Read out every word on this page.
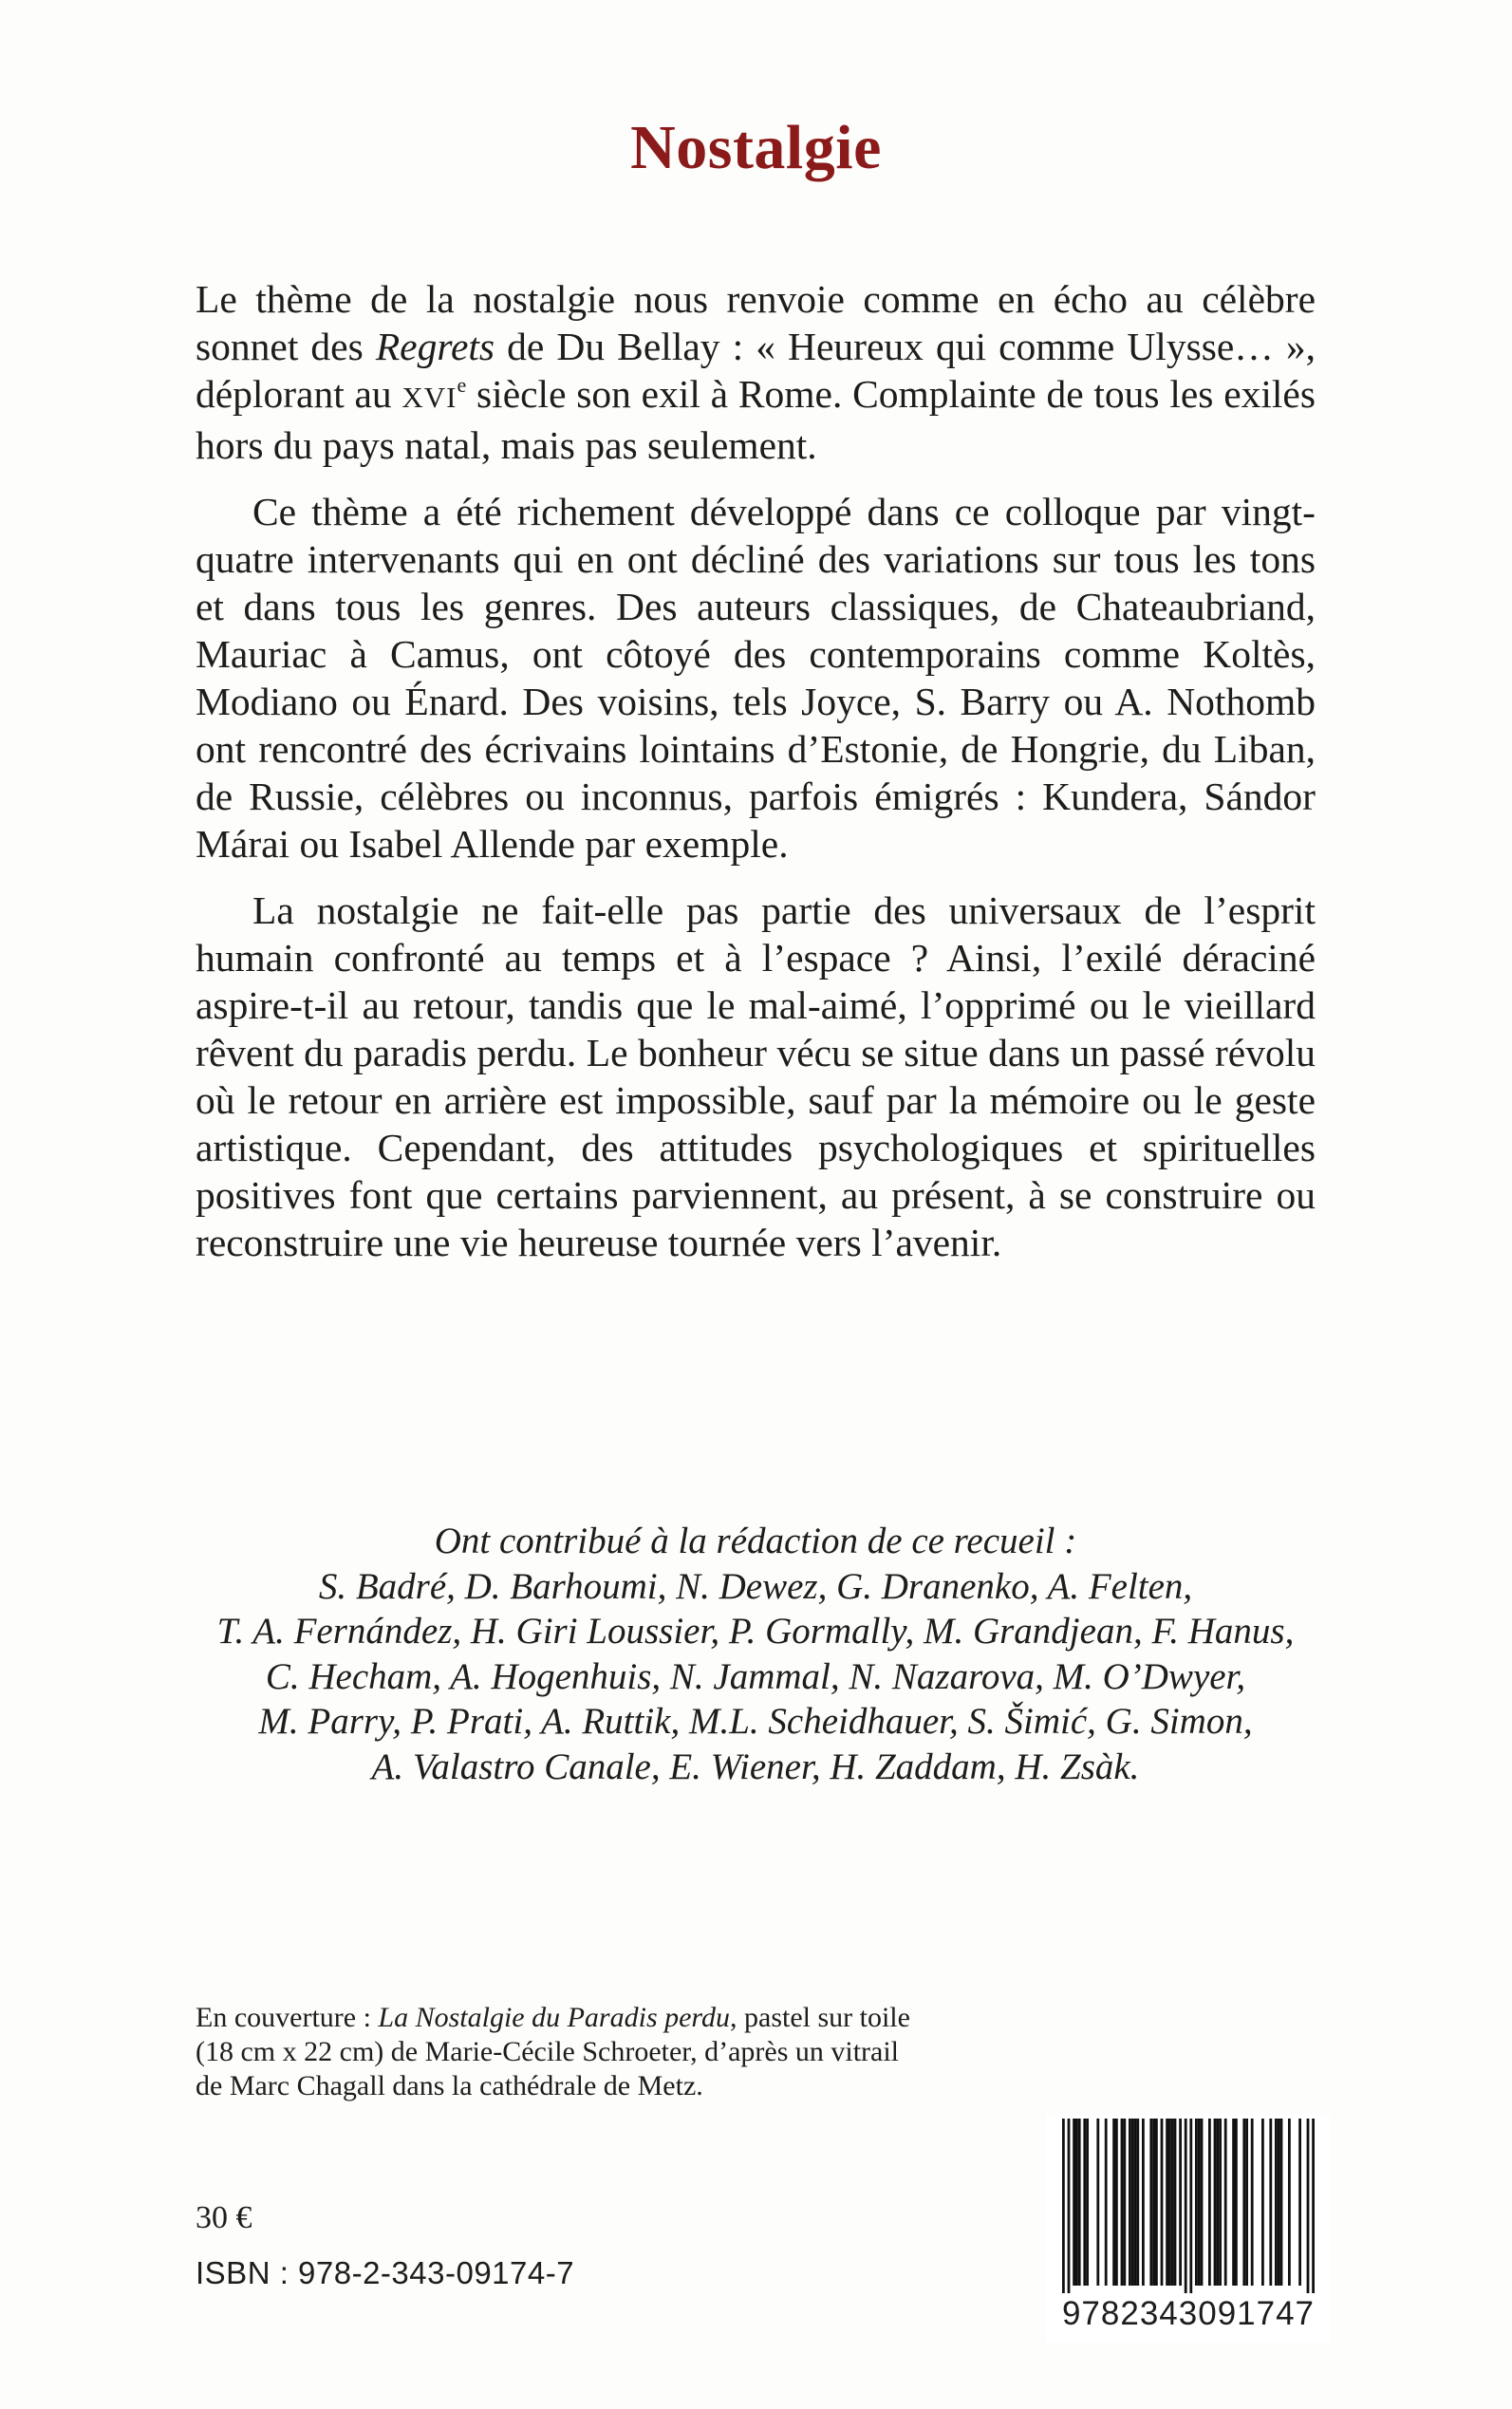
Nostalgie

Le thème de la nostalgie nous renvoie comme en écho au célèbre sonnet des Regrets de Du Bellay : « Heureux qui comme Ulysse… », déplorant au XVIe siècle son exil à Rome. Complainte de tous les exilés hors du pays natal, mais pas seulement.

Ce thème a été richement développé dans ce colloque par vingt-quatre intervenants qui en ont décliné des variations sur tous les tons et dans tous les genres. Des auteurs classiques, de Chateaubriand, Mauriac à Camus, ont côtoyé des contemporains comme Koltès, Modiano ou Énard. Des voisins, tels Joyce, S. Barry ou A. Nothomb ont rencontré des écrivains lointains d’Estonie, de Hongrie, du Liban, de Russie, célèbres ou inconnus, parfois émigrés : Kundera, Sándor Márai ou Isabel Allende par exemple.

La nostalgie ne fait-elle pas partie des universaux de l’esprit humain confronté au temps et à l’espace ? Ainsi, l’exilé déraciné aspire-t-il au retour, tandis que le mal-aimé, l’opprimé ou le vieillard rêvent du paradis perdu. Le bonheur vécu se situe dans un passé révolu où le retour en arrière est impossible, sauf par la mémoire ou le geste artistique. Cependant, des attitudes psychologiques et spirituelles positives font que certains parviennent, au présent, à se construire ou reconstruire une vie heureuse tournée vers l’avenir.

Ont contribué à la rédaction de ce recueil :
S. Badré, D. Barhoumi, N. Dewez, G. Dranenko, A. Felten,
T. A. Fernández, H. Giri Loussier, P. Gormally, M. Grandjean, F. Hanus,
C. Hecham, A. Hogenhuis, N. Jammal, N. Nazarova, M. O’Dwyer,
M. Parry, P. Prati, A. Ruttik, M.L. Scheidhauer, S. Šimić, G. Simon,
A. Valastro Canale, E. Wiener, H. Zaddam, H. Zsàk.
En couverture : La Nostalgie du Paradis perdu, pastel sur toile
(18 cm x 22 cm) de Marie-Cécile Schroeter, d’après un vitrail
de Marc Chagall dans la cathédrale de Metz.
30 €
ISBN : 978-2-343-09174-7
9782343091747
